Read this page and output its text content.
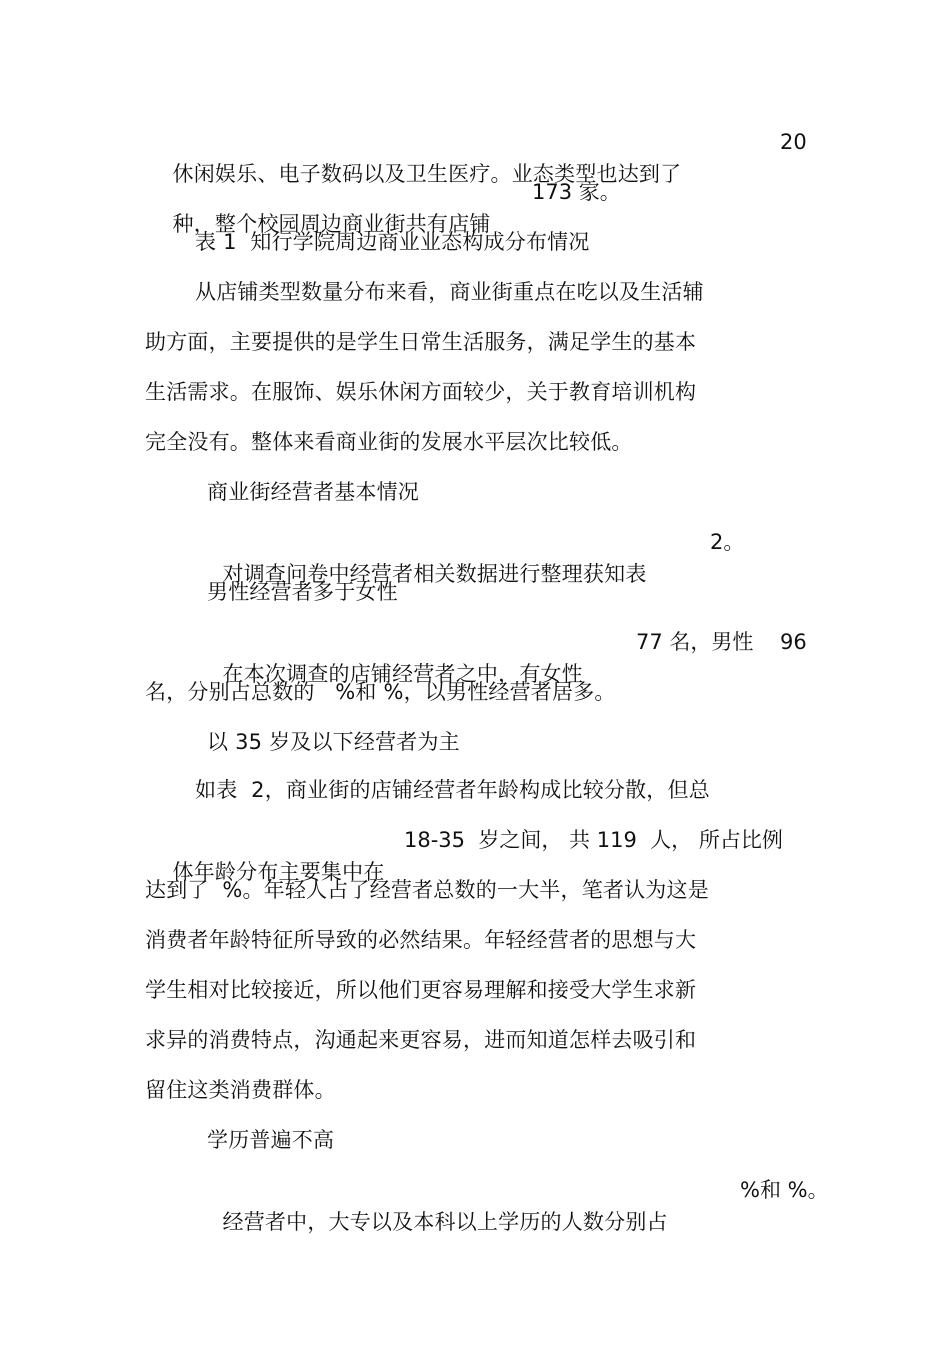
休闲娱乐、电子数码以及卫生医疗。业态类型也达到了

20

种，整个校园周边商业街共有店铺

173 家。
表 1  知行学院周边商业业态构成分布情况
从店铺类型数量分布来看，商业街重点在吃以及生活辅
助方面，主要提供的是学生日常生活服务，满足学生的基本
生活需求。在服饰、娱乐休闲方面较少，关于教育培训机构
完全没有。整体来看商业街的发展水平层次比较低。
商业街经营者基本情况

对调查问卷中经营者相关数据进行整理获知表

2。
男性经营者多于女性

在本次调查的店铺经营者之中，有女性

77 名，男性 96
名，分别占总数的   %和 %，以男性经营者居多。
以 35 岁及以下经营者为主
如表  2，商业街的店铺经营者年龄构成比较分散，但总

体年龄分布主要集中在

18-35  岁之间， 共 119  人， 所占比例
达到了  %。年轻人占了经营者总数的一大半，笔者认为这是
消费者年龄特征所导致的必然结果。年轻经营者的思想与大
学生相对比较接近，所以他们更容易理解和接受大学生求新
求异的消费特点，沟通起来更容易，进而知道怎样去吸引和
留住这类消费群体。
学历普遍不高

经营者中，大专以及本科以上学历的人数分别占

%和 %。
